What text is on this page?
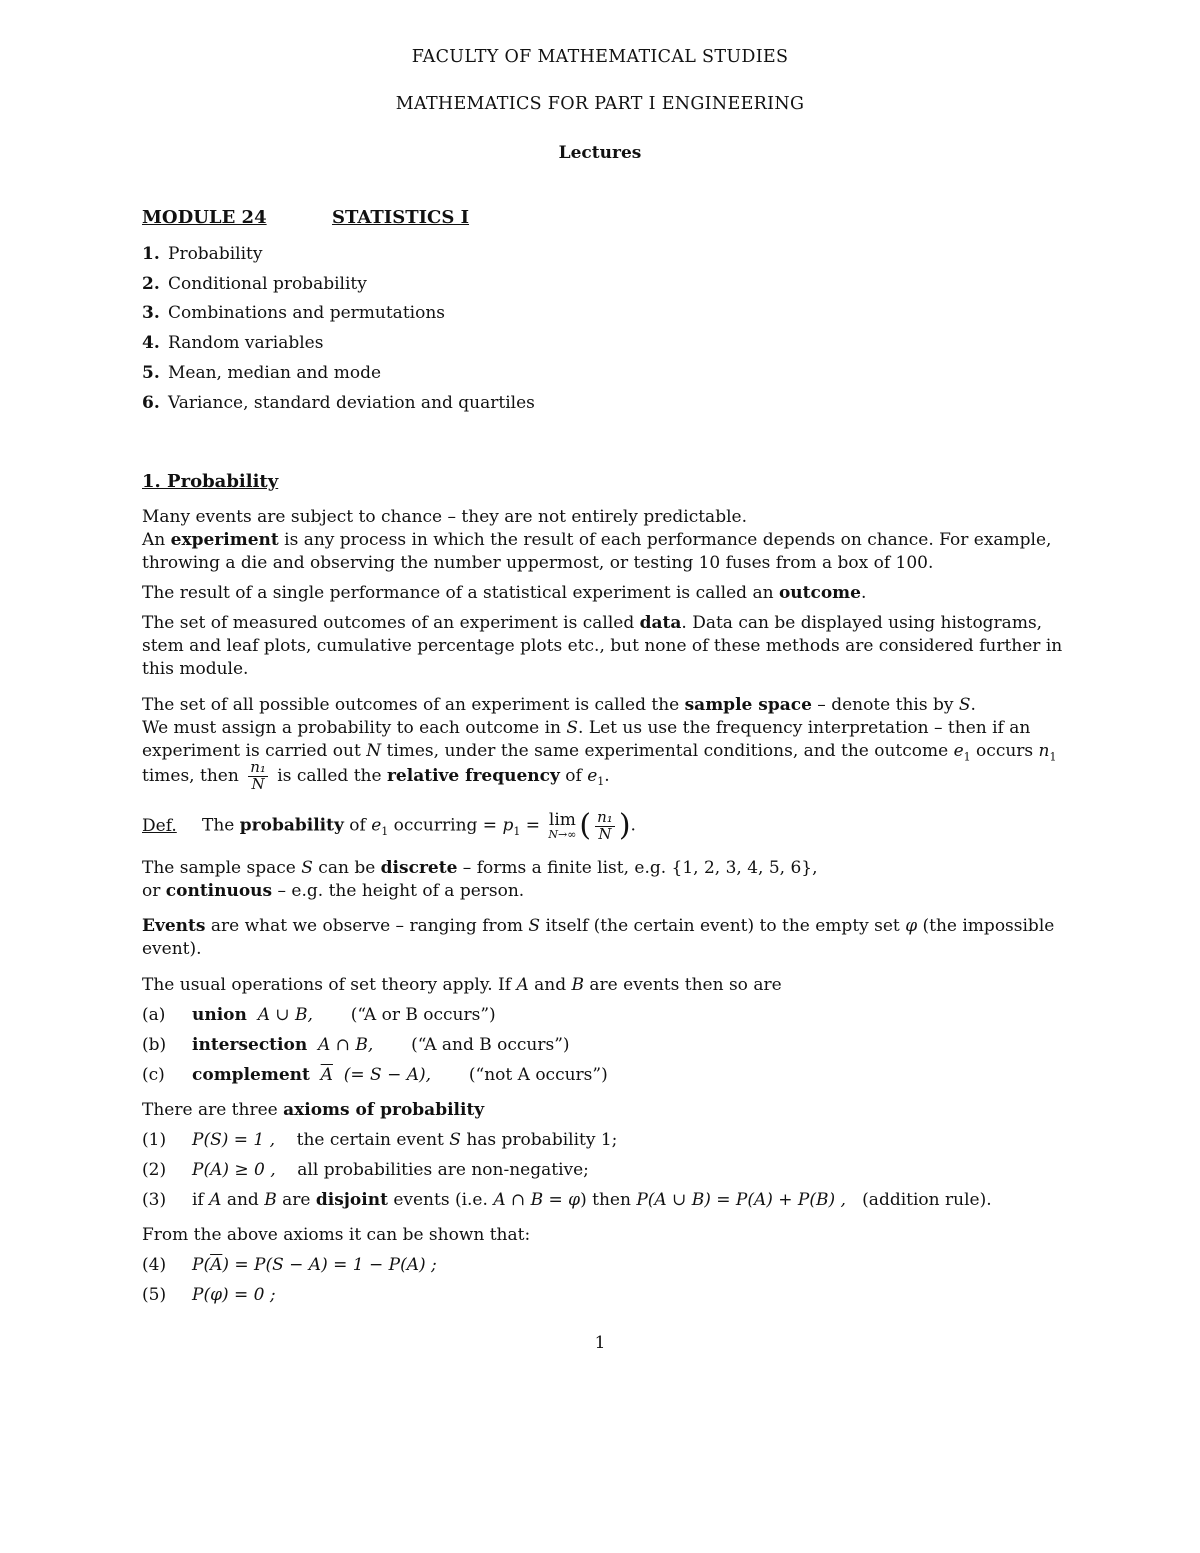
FACULTY OF MATHEMATICAL STUDIES
MATHEMATICS FOR PART I ENGINEERING
Lectures
MODULE 24	STATISTICS I
1. Probability
2. Conditional probability
3. Combinations and permutations
4. Random variables
5. Mean, median and mode
6. Variance, standard deviation and quartiles
1. Probability
Many events are subject to chance – they are not entirely predictable.
An experiment is any process in which the result of each performance depends on chance. For example,
throwing a die and observing the number uppermost, or testing 10 fuses from a box of 100.
The result of a single performance of a statistical experiment is called an outcome.
The set of measured outcomes of an experiment is called data. Data can be displayed using histograms,
stem and leaf plots, cumulative percentage plots etc., but none of these methods are considered further in
this module.
The set of all possible outcomes of an experiment is called the sample space – denote this by S.
We must assign a probability to each outcome in S. Let us use the frequency interpretation – then if an
experiment is carried out N times, under the same experimental conditions, and the outcome $e_1$ occurs $n_1$
times, then $\frac{\text{n₁}}{N}$ is called the relative frequency of $e_1$.
Def. The probability of $e_1$ occurring = $p_1 = \lim$
N→∞ ( $\frac{\text{n₁}}{N}$ ).
The sample space S can be discrete – forms a finite list, e.g. {1, 2, 3, 4, 5, 6},
or continuous – e.g. the height of a person.
Events are what we observe – ranging from S itself (the certain event) to the empty set φ (the impossible
event).
The usual operations of set theory apply. If A and B are events then so are
(a) union A ∪ B, (“A or B occurs”)
(b) intersection A ∩ B, (“A and B occurs”)
(c) complement $\overline{A}$ (= S − A), (“not A occurs”)
There are three axioms of probability
(1) P(S) = 1 , the certain event S has probability 1;
(2) P(A) ≥ 0 , all probabilities are non-negative;
(3) if A and B are disjoint events (i.e. A ∩ B = φ) then P(A ∪ B) = P(A) + P(B) , (addition rule).
From the above axioms it can be shown that:
(4) $P(\overline{A}) = P(S - A) = 1 - P(A)$ ;
(5) P(φ) = 0 ;
1
